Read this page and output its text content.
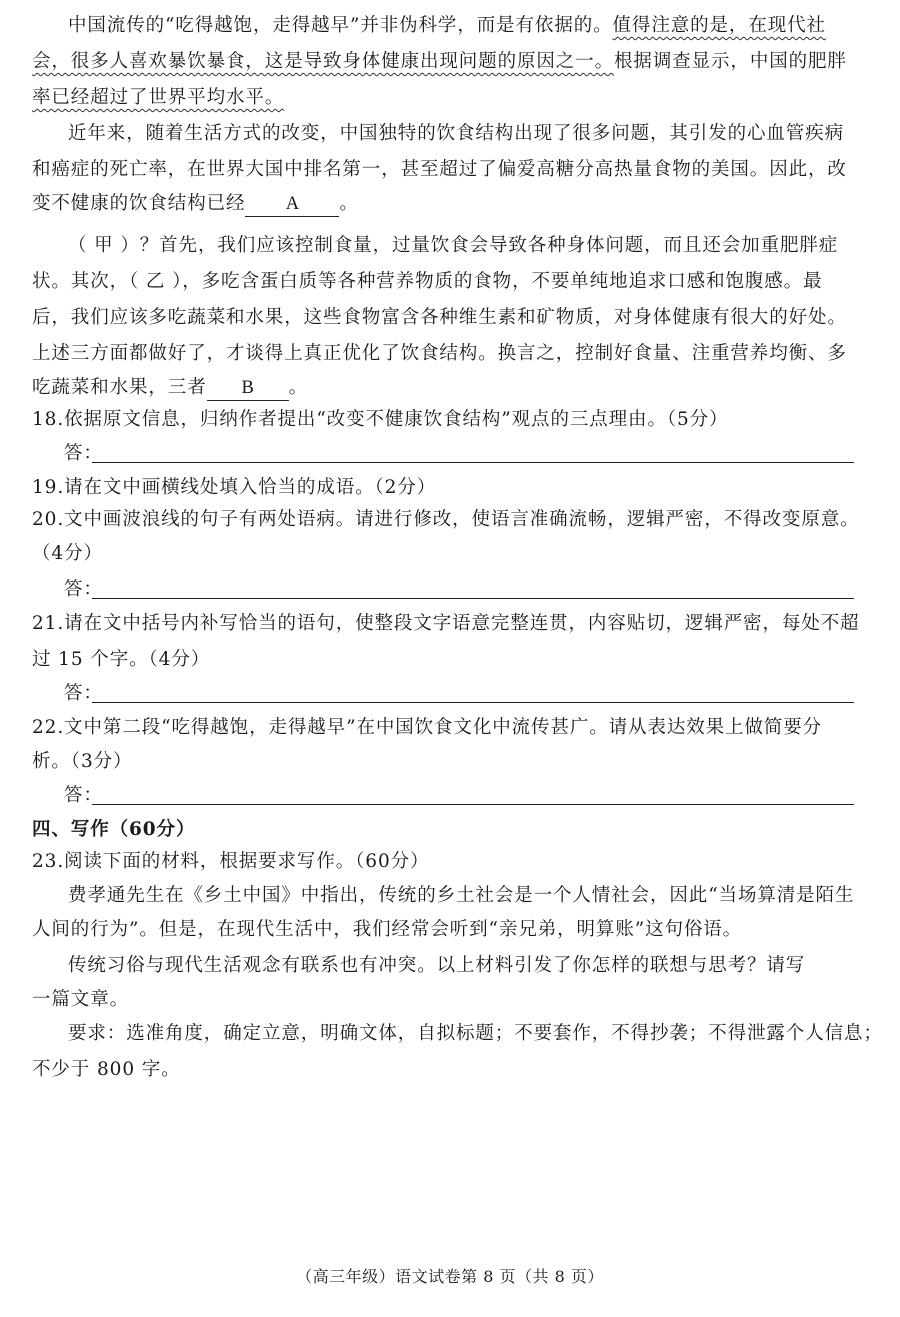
中国流传的“吃得越饱，走得越早”并非伪科学，而是有依据的。值得注意的是，在现代社
会，很多人喜欢暴饮暴食，这是导致身体健康出现问题的原因之一。根据调查显示，中国的肥胖
率已经超过了世界平均水平。
近年来，随着生活方式的改变，中国独特的饮食结构出现了很多问题，其引发的心血管疾病
和癌症的死亡率，在世界大国中排名第一，甚至超过了偏爱高糖分高热量食物的美国。因此，改
变不健康的饮食结构已经 A 。
（ 甲 ）？首先，我们应该控制食量，过量饮食会导致各种身体问题，而且还会加重肥胖症
状。其次，（ 乙 ），多吃含蛋白质等各种营养物质的食物，不要单纯地追求口感和饱腹感。最
后，我们应该多吃蔬菜和水果，这些食物富含各种维生素和矿物质，对身体健康有很大的好处。
上述三方面都做好了，才谈得上真正优化了饮食结构。换言之，控制好食量、注重营养均衡、多
吃蔬菜和水果，三者 B 。
18.依据原文信息，归纳作者提出“改变不健康饮食结构”观点的三点理由。（5分）
答：
19.请在文中画横线处填入恰当的成语。（2分）
20.文中画波浪线的句子有两处语病。请进行修改，使语言准确流畅，逻辑严密，不得改变原意。
（4分）
答：
21.请在文中括号内补写恰当的语句，使整段文字语意完整连贯，内容贴切，逻辑严密，每处不超
过 15 个字。（4分）
答：
22.文中第二段“吃得越饱，走得越早”在中国饮食文化中流传甚广。请从表达效果上做简要分
析。（3分）
答：
四、写作（60分）
23.阅读下面的材料，根据要求写作。（60分）
费孝通先生在《乡土中国》中指出，传统的乡土社会是一个人情社会，因此“当场算清是陌生
人间的行为”。但是，在现代生活中，我们经常会听到“亲兄弟，明算账”这句俗语。
传统习俗与现代生活观念有联系也有冲突。以上材料引发了你怎样的联想与思考？请写
一篇文章。
要求：选准角度，确定立意，明确文体，自拟标题；不要套作，不得抄袭；不得泄露个人信息；
不少于 800 字。
（高三年级）语文试卷第 8 页（共 8 页）
